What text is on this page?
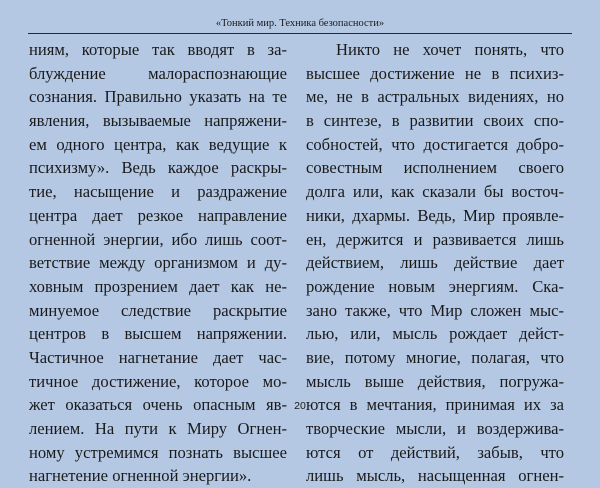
«Тонкий мир. Техника безопасности»
ниям, которые так вводят в за-
блуждение малораспознающие
сознания. Правильно указать на те
явления, вызываемые напряжени-
ем одного центра, как ведущие к
психизму». Ведь каждое раскры-
тие, насыщение и раздражение
центра дает резкое направление
огненной энергии, ибо лишь соот-
ветствие между организмом и ду-
ховным прозрением дает как не-
минуемое следствие раскрытие
центров в высшем напряжении.
Частичное нагнетание дает час-
тичное достижение, которое мо-
жет оказаться очень опасным яв-
лением. На пути к Миру Огнен-
ному устремимся познать высшее
нагнетение огненной энергии».
Никто не хочет понять, что
высшее достижение не в психиз-
ме, не в астральных видениях, но
в синтезе, в развитии своих спо-
собностей, что достигается добро-
совестным исполнением своего
долга или, как сказали бы восточ-
ники, дхармы. Ведь, Мир проявле-
ен, держится и развивается лишь
действием, лишь действие дает
рождение новым энергиям. Ска-
зано также, что Мир сложен мыс-
лью, или, мысль рождает дейст-
вие, потому многие, полагая, что
мысль выше действия, погружа-
ются в мечтания, принимая их за
творческие мысли, и воздержива-
ются от действий, забыв, что
лишь мысль, насыщенная огнен-
20
